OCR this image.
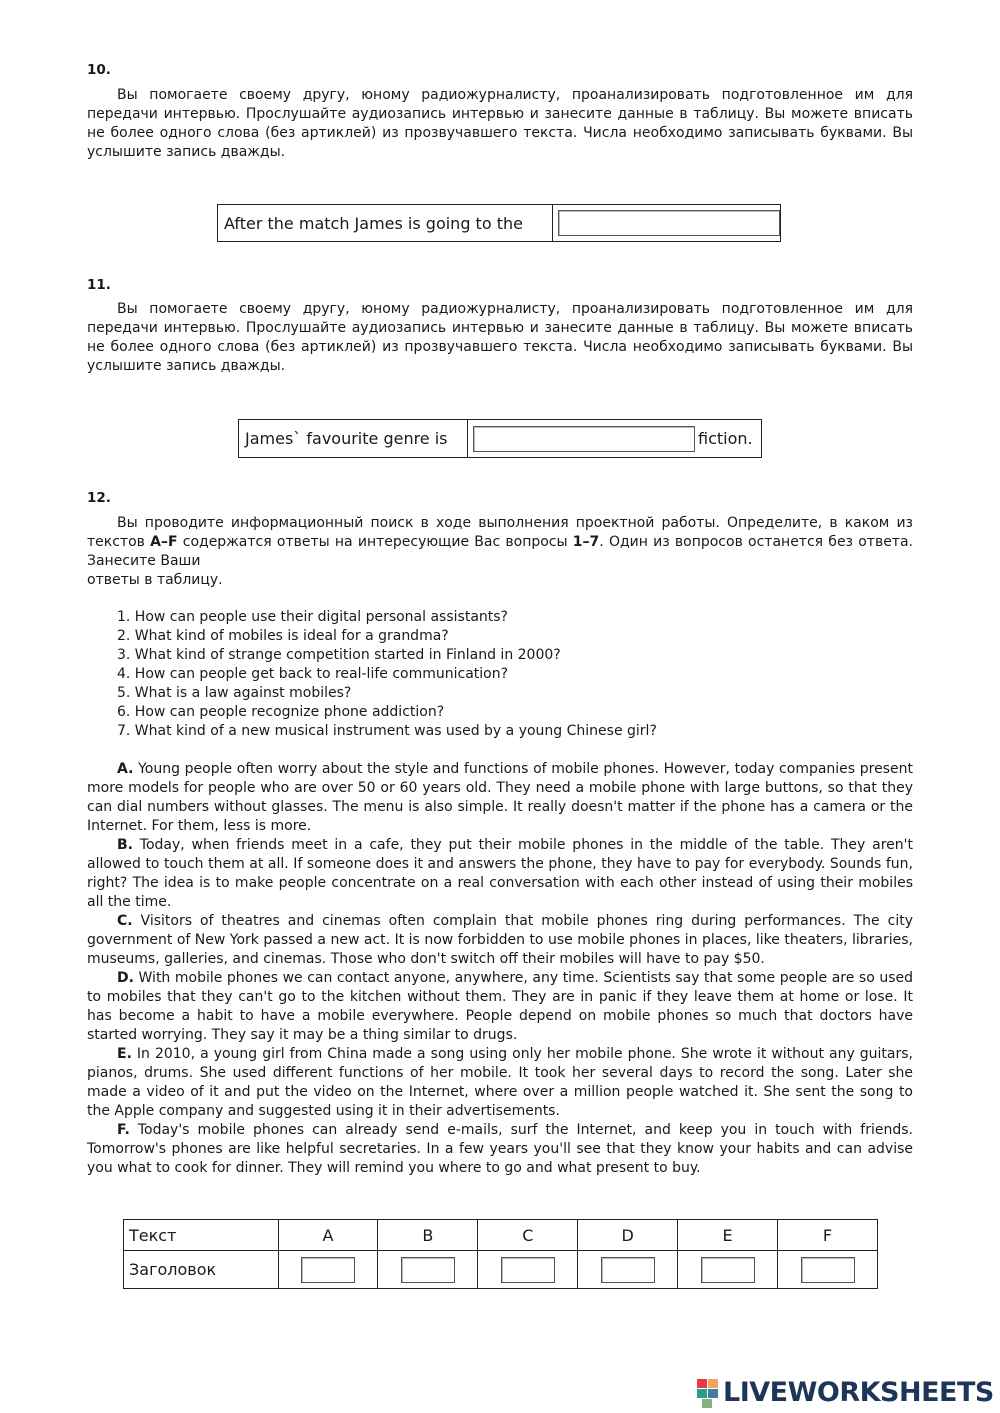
10.

Вы помогаете своему другу, юному радиожурналисту, проанализировать подготовленное им для передачи интервью. Прослушайте аудиозапись интервью и занесите данные в таблицу. Вы можете вписать не более одного слова (без артиклей) из прозвучавшего текста. Числа необходимо записывать буквами. Вы услышите запись дважды.

After the match James is going to the
11.

Вы помогаете своему другу, юному радиожурналисту, проанализировать подготовленное им для передачи интервью. Прослушайте аудиозапись интервью и занесите данные в таблицу. Вы можете вписать не более одного слова (без артиклей) из прозвучавшего текста. Числа необходимо записывать буквами. Вы услышите запись дважды.

James` favourite genre is	fiction.
12.

Вы проводите информационный поиск в ходе выполнения проектной работы. Определите, в каком из текстов A–F содержатся ответы на интересующие Вас вопросы 1–7. Один из вопросов останется без ответа. Занесите Ваши

ответы в таблицу.

1. How can people use their digital personal assistants?
2. What kind of mobiles is ideal for a grandma?
3. What kind of strange competition started in Finland in 2000?
4. How can people get back to real-life communication?
5. What is a law against mobiles?
6. How can people recognize phone addiction?
7. What kind of a new musical instrument was used by a young Chinese girl?

A. Young people often worry about the style and functions of mobile phones. However, today companies present more models for people who are over 50 or 60 years old. They need a mobile phone with large buttons, so that they can dial numbers without glasses. The menu is also simple. It really doesn't matter if the phone has a camera or the Internet. For them, less is more.

B. Today, when friends meet in a cafe, they put their mobile phones in the middle of the table. They aren't allowed to touch them at all. If someone does it and answers the phone, they have to pay for everybody. Sounds fun, right? The idea is to make people concentrate on a real conversation with each other instead of using their mobiles all the time.

C. Visitors of theatres and cinemas often complain that mobile phones ring during performances. The city government of New York passed a new act. It is now forbidden to use mobile phones in places, like theaters, libraries, museums, galleries, and cinemas. Those who don't switch off their mobiles will have to pay $50.

D. With mobile phones we can contact anyone, anywhere, any time. Scientists say that some people are so used to mobiles that they can't go to the kitchen without them. They are in panic if they leave them at home or lose. It has become a habit to have a mobile everywhere. People depend on mobile phones so much that doctors have started worrying. They say it may be a thing similar to drugs.

E. In 2010, a young girl from China made a song using only her mobile phone. She wrote it without any guitars, pianos, drums. She used different functions of her mobile. It took her several days to record the song. Later she made a video of it and put the video on the Internet, where over a million people watched it. She sent the song to the Apple company and suggested using it in their advertisements.

F. Today's mobile phones can already send e-mails, surf the Internet, and keep you in touch with friends. Tomorrow's phones are like helpful secretaries. In a few years you'll see that they know your habits and can advise you what to cook for dinner. They will remind you where to go and what present to buy.

Текст	A	B	C	D	E	F
Заголовок	

LIVEWORKSHEETS
